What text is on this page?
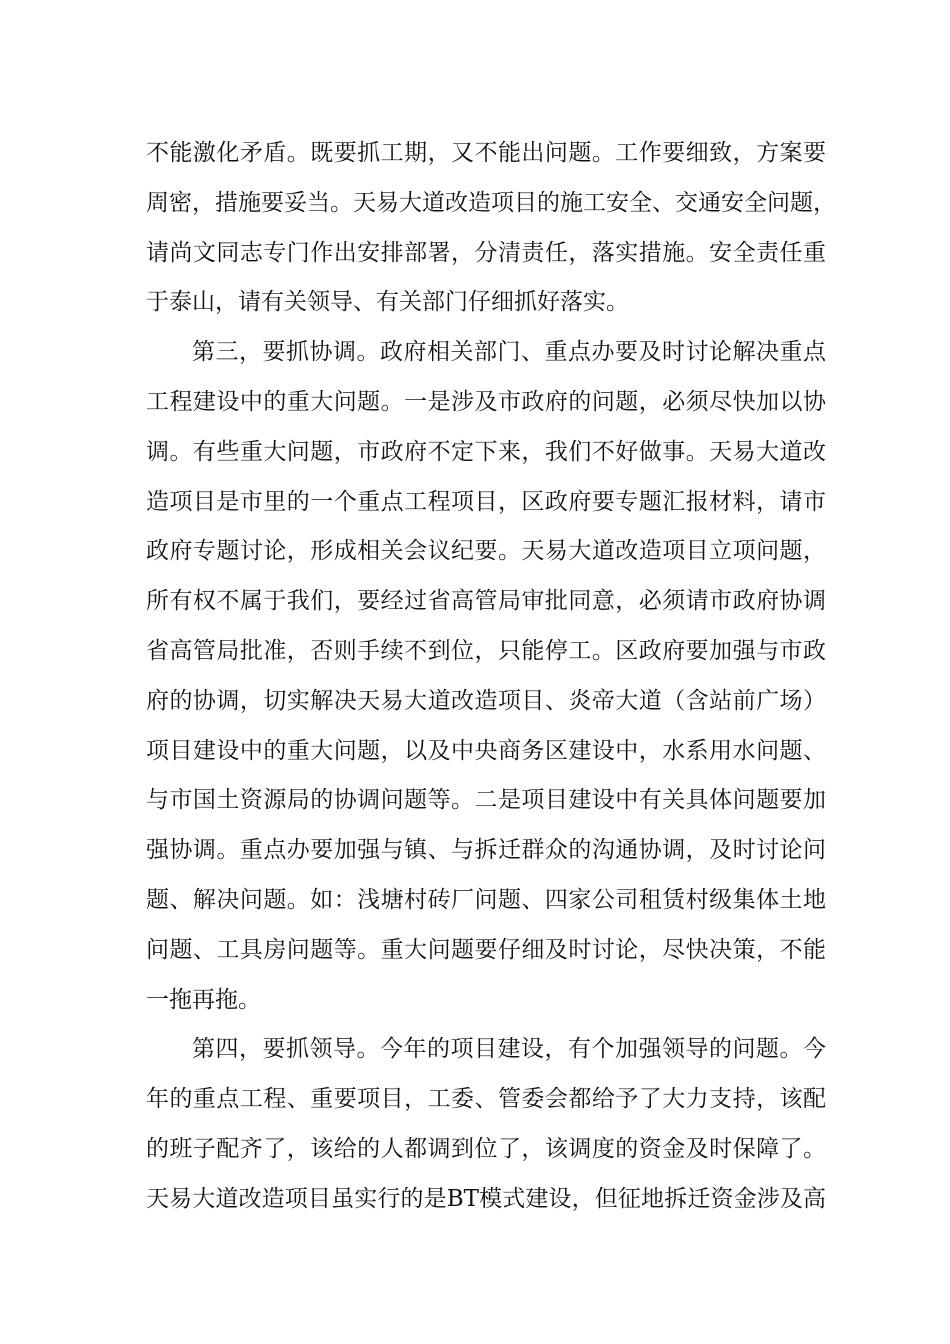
不能激化矛盾。既要抓工期，又不能出问题。工作要细致，方案要
周密，措施要妥当。天易大道改造项目的施工安全、交通安全问题，
请尚文同志专门作出安排部署，分清责任，落实措施。安全责任重
于泰山，请有关领导、有关部门仔细抓好落实。
第三，要抓协调。政府相关部门、重点办要及时讨论解决重点
工程建设中的重大问题。一是涉及市政府的问题，必须尽快加以协
调。有些重大问题，市政府不定下来，我们不好做事。天易大道改
造项目是市里的一个重点工程项目，区政府要专题汇报材料，请市
政府专题讨论，形成相关会议纪要。天易大道改造项目立项问题，
所有权不属于我们，要经过省高管局审批同意，必须请市政府协调
省高管局批准，否则手续不到位，只能停工。区政府要加强与市政
府的协调，切实解决天易大道改造项目、炎帝大道（含站前广场）
项目建设中的重大问题，以及中央商务区建设中，水系用水问题、
与市国土资源局的协调问题等。二是项目建设中有关具体问题要加
强协调。重点办要加强与镇、与拆迁群众的沟通协调，及时讨论问
题、解决问题。如：浅塘村砖厂问题、四家公司租赁村级集体土地
问题、工具房问题等。重大问题要仔细及时讨论，尽快决策，不能
一拖再拖。
第四，要抓领导。今年的项目建设，有个加强领导的问题。今
年的重点工程、重要项目，工委、管委会都给予了大力支持，该配
的班子配齐了，该给的人都调到位了，该调度的资金及时保障了。
天易大道改造项目虽实行的是BT模式建设，但征地拆迁资金涉及高
